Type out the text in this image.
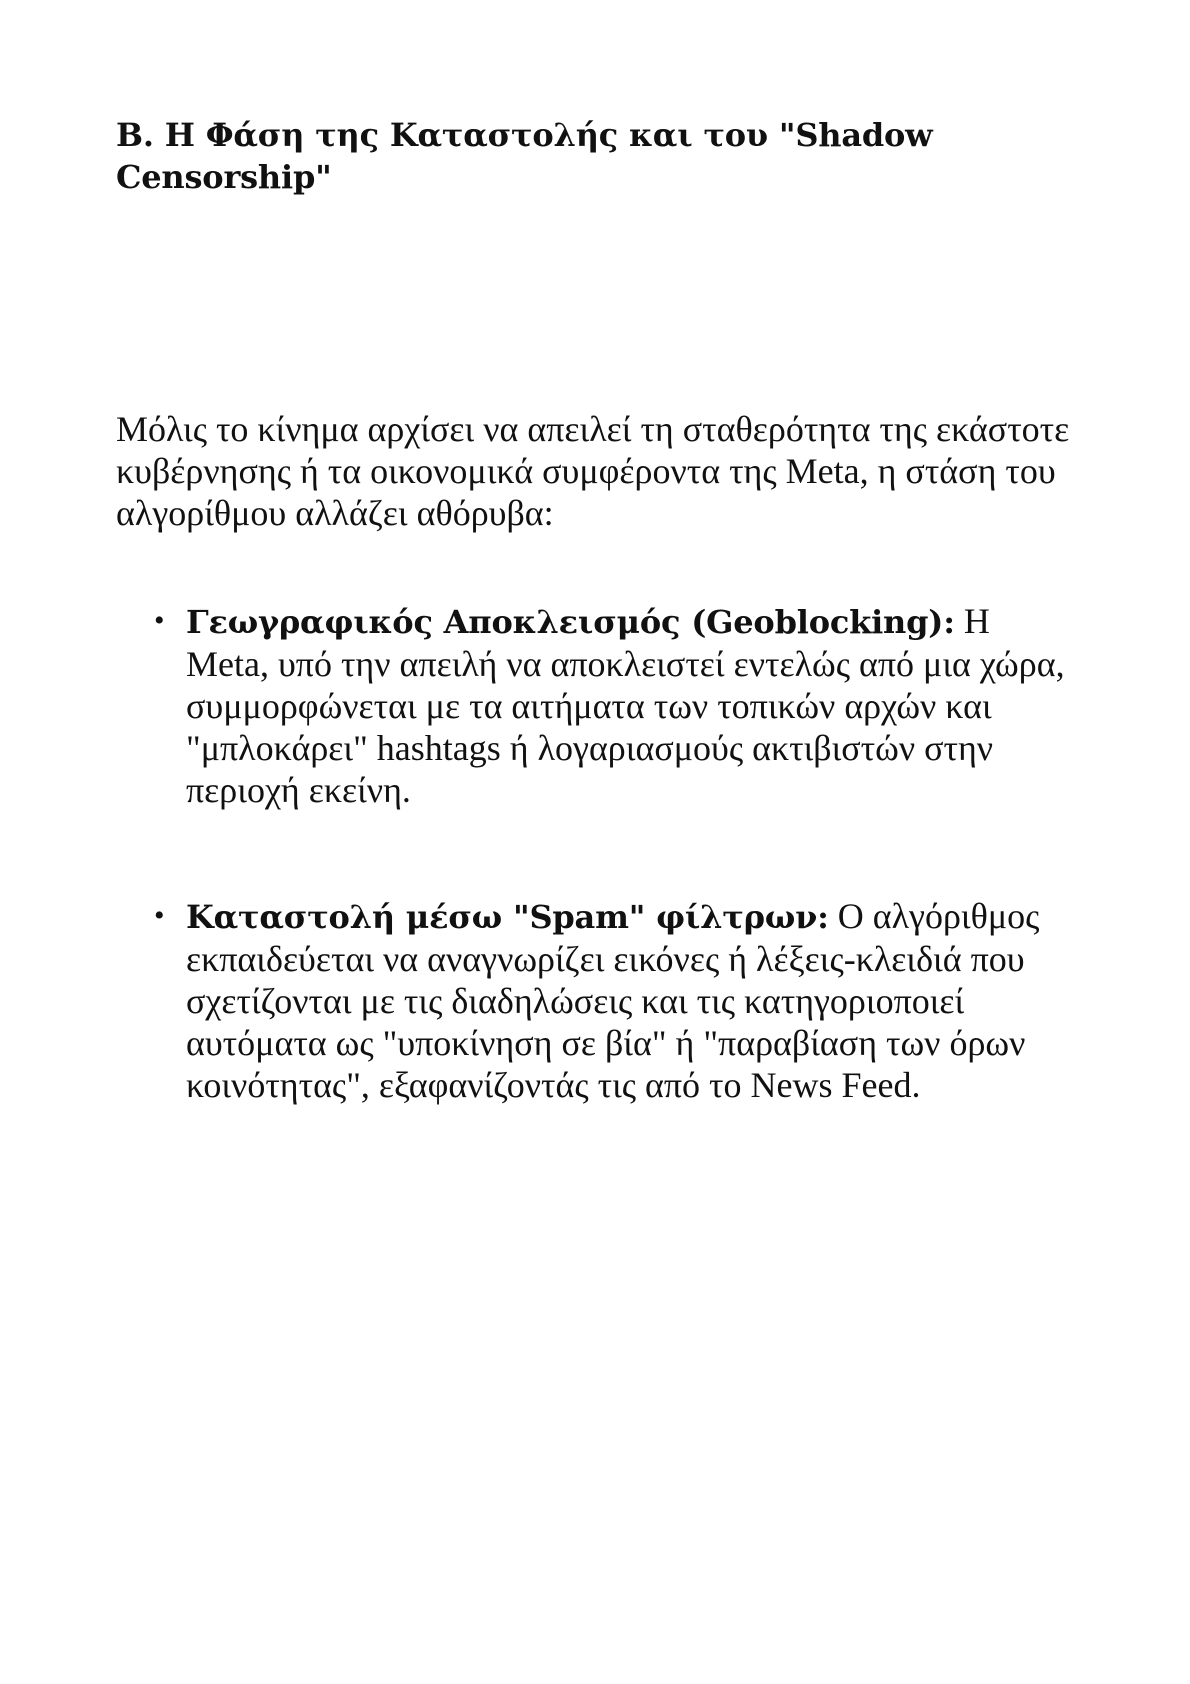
Β. Η Φάση της Καταστολής και του "Shadow Censorship"

Μόλις το κίνημα αρχίσει να απειλεί τη σταθερότητα της εκάστοτε κυβέρνησης ή τα οικονομικά συμφέροντα της Meta, η στάση του αλγορίθμου αλλάζει αθόρυβα:

• Γεωγραφικός Αποκλεισμός (Geoblocking): Η Meta, υπό την απειλή να αποκλειστεί εντελώς από μια χώρα, συμμορφώνεται με τα αιτήματα των τοπικών αρχών και "μπλοκάρει" hashtags ή λογαριασμούς ακτιβιστών στην περιοχή εκείνη.
• Καταστολή μέσω "Spam" φίλτρων: Ο αλγόριθμος εκπαιδεύεται να αναγνωρίζει εικόνες ή λέξεις-κλειδιά που σχετίζονται με τις διαδηλώσεις και τις κατηγοριοποιεί αυτόματα ως "υποκίνηση σε βία" ή "παραβίαση των όρων κοινότητας", εξαφανίζοντάς τις από το News Feed.
